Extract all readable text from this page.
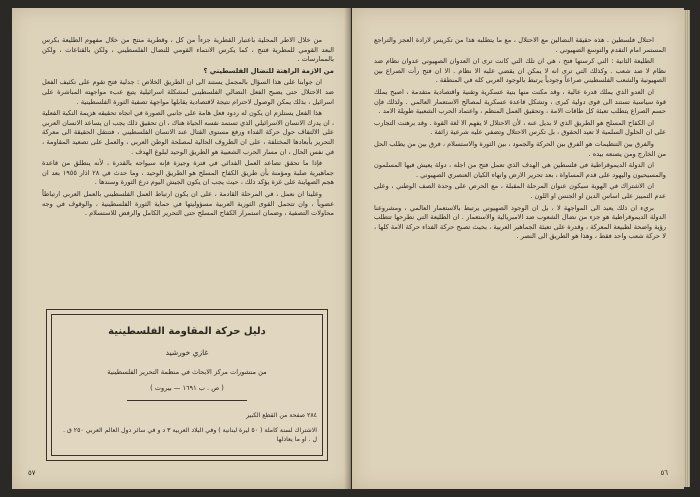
من خلال الاطر المحلية باعتبار القطرية جزءاً من كل ، وقطرية منتج من خلال مفهوم الطليعة بكرس البعد القومي للمطرية فتنج ، كما يكرس الانتماء القومي للنضال الفلسطيني ، ولكن بالقناعات ، ولكن بالممارسات .

من الازمة الراهنة للنضال الفلسطيني ؟

ان جوابنا على هذا السؤال بالمجمل يستند الى ان الطريق الخلاص : جدلية فتح تقوم على تكثيف الفعل ضد الاحتلال حتى يصبح الفعل النضالي الفلسطيني لمشكلة اسرائيلية يتبع عبء مواجهته المباشرة على اسرائيل ، بذلك يمكن الوصول لاحترام نتيجة لاقتصادية يقابلها مواجهة تصفية الثورة الفلسطينية .

هذا الفعل يستلزم ان يكون له ردود فعل هامة على جانبي الصورة في اتجاه تحقيقه هزيمة النكبة الفعلية ، ان يدرك الانسان الاسرائيلي الذي تستمد نفسه الحياة هناك ، ان تحقيق ذلك يجب ان يساعد الانسان العربي على الالتفاف حول حركة الفداء ورفع مستوى القتال عند الانسان الفلسطيني ، فتنتقل الحقيقة الى معركة التحرير بأبعادها المختلفة ، على ان الظروف الحالية لمصلحة الوطن العربي ، والعمل على تصعيد المقاومة ، في نفس الحال ، ان مسار الحرب الشعبية هو الطريق الوحيد لبلوغ الهدف .

فإذا ما تحقق تصاعد العمل الفدائي في فترة وجيزة فإنه سيواجه بالقدرة ، لأنه ينطلق من قاعدة جماهيرية صلبة ومؤمنة بأن طريق الكفاح المسلح هو الطريق الوحيد ، وما حدث في ٢٨ اذار ١٩٥٥ بعد ان هجم الصهاينة على غزة يؤكد ذلك ، حيث يجب ان يكون الجيش اليوم درع الثورة وسندها .

وعلينا ان نعمل ، في المرحلة القادمة ، على ان يكون ارتباط العمل الفلسطيني بالعمل العربي ارتباطاً عضوياً ، وان تتحمل القوى الثورية العربية مسؤوليتها في حماية الثورة الفلسطينية ، والوقوف في وجه محاولات التصفية ، وضمان استمرار الكفاح المسلح حتى التحرير الكامل والرفض للاستسلام .

دليل حركة المقاومة الفلسطينية
غازي خورشيد
من منشورات مركز الابحاث في منظمة التحرير الفلسطينية
( ص . ب ١٦٩١ — بيروت )
٢٨٤ صفحة من القطع الكبير
الاشتراك لسنة كاملة ( ٥٠ ليرة لبنانية ) وفي البلاد العربية ٣ د و في سائر دول العالم العربي ٢٥٠ ق . ل . او ما يعادلها
٥٧

احتلال فلسطين . هذه حقيقة النضالين مع الاحتلال ، مع ما يتطلبه هذا من تكريس لارادة العجز والتراجع المستمر امام التقدم والتوسع الصهيوني .

الطليعة الثانية : التي كرستها فتح ، هي ان تلك التي كانت ترى ان العدوان الصهيوني عدوان نظام ضد نظام لا ضد شعب . وكذلك التي ترى انه لا يمكن ان يقضي عليه الا نظام . الا ان فتح رأت الصراع بين الصهيونية والشعب الفلسطيني صراعاً وجودياً يرتبط بالوجود العربي كله في المنطقة .

ان العدو الذي يملك قدرة عالية ، وقد مكنت منها بنية عسكرية وتقنية واقتصادية متقدمة ، اصبح يملك قوة سياسية تستند الى قوى دولية كبرى ، وتشكل قاعدة عسكرية لمصالح الاستعمار العالمي . ولذلك فإن حسم الصراع يتطلب تعبئة كل طاقات الامة ، وتحقيق العمل المنظم ، واعتماد الحرب الشعبية طويلة الامد .

ان الكفاح المسلح هو الطريق الذي لا بديل عنه ، لأن الاحتلال لا يفهم الا لغة القوة . وقد برهنت التجارب على ان الحلول السلمية لا تعيد الحقوق ، بل تكرس الاحتلال وتضفي عليه شرعية زائفة .

والفرق بين التنظيمات هو الفرق بين الحركة والجمود ، بين الثورة والاستسلام ، فرق بين من يطلب الحل من الخارج ومن يصنعه بيده .

ان الدولة الديموقراطية في فلسطين هي الهدف الذي تعمل فتح من اجله ، دولة يعيش فيها المسلمون والمسيحيون واليهود على قدم المساواة ، بعد تحرير الارض وانهاء الكيان العنصري الصهيوني .

ان الاشتراك في الهوية سيكون عنوان المرحلة المقبلة ، مع الحرص على وحدة الصف الوطني ، وعلى عدم التمييز على اساس الدين او الجنس او اللون .

بريء ان ذلك يعبد الى المواجهة لا ، بل ان الوجود الصهيوني يرتبط بالاستعمار العالمي ، ومشروعنا الدولة الديموقراطية هو جزء من نضال الشعوب ضد الامبريالية والاستعمار . ان الطليعة التي نطرحها تتطلب رؤية واضحة لطبيعة المعركة ، وقدرة على تعبئة الجماهير العربية ، بحيث تصبح حركة الفداء حركة الامة كلها ، لا حركة شعب واحد فقط ، وهذا هو الطريق الى النصر .

٥٦
